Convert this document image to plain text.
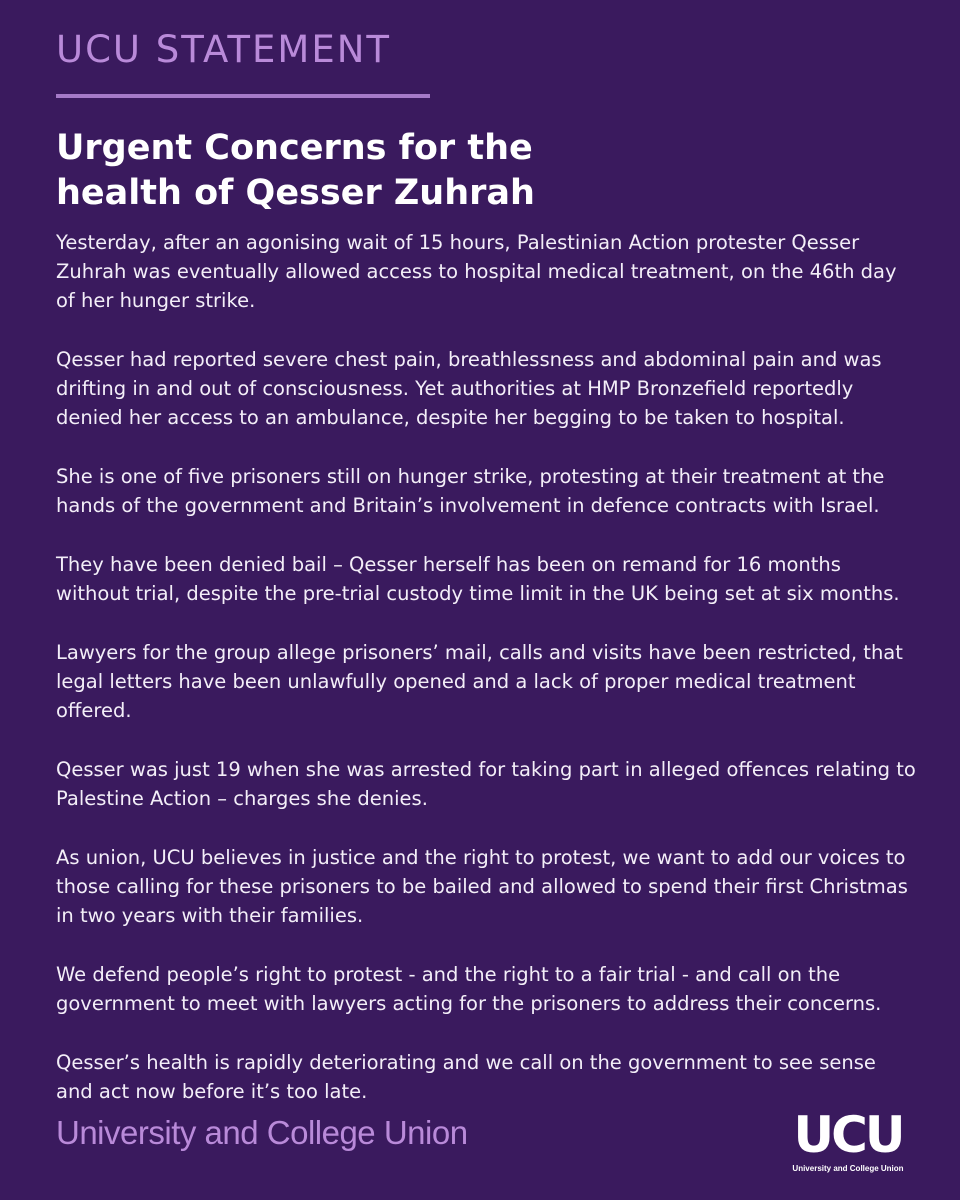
UCU STATEMENT
Urgent Concerns for the
health of Qesser Zuhrah

Yesterday, after an agonising wait of 15 hours, Palestinian Action protester Qesser Zuhrah was eventually allowed access to hospital medical treatment, on the 46th day of her hunger strike.

Qesser had reported severe chest pain, breathlessness and abdominal pain and was drifting in and out of consciousness. Yet authorities at HMP Bronzefield reportedly denied her access to an ambulance, despite her begging to be taken to hospital.

She is one of five prisoners still on hunger strike, protesting at their treatment at the hands of the government and Britain’s involvement in defence contracts with Israel.

They have been denied bail – Qesser herself has been on remand for 16 months without trial, despite the pre-trial custody time limit in the UK being set at six months.

Lawyers for the group allege prisoners’ mail, calls and visits have been restricted, that legal letters have been unlawfully opened and a lack of proper medical treatment offered.

Qesser was just 19 when she was arrested for taking part in alleged offences relating to Palestine Action – charges she denies.

As union, UCU believes in justice and the right to protest, we want to add our voices to those calling for these prisoners to be bailed and allowed to spend their first Christmas in two years with their families.

We defend people’s right to protest - and the right to a fair trial - and call on the government to meet with lawyers acting for the prisoners to address their concerns.

Qesser’s health is rapidly deteriorating and we call on the government to see sense and act now before it’s too late.

University and College Union	UCU
University and College Union
